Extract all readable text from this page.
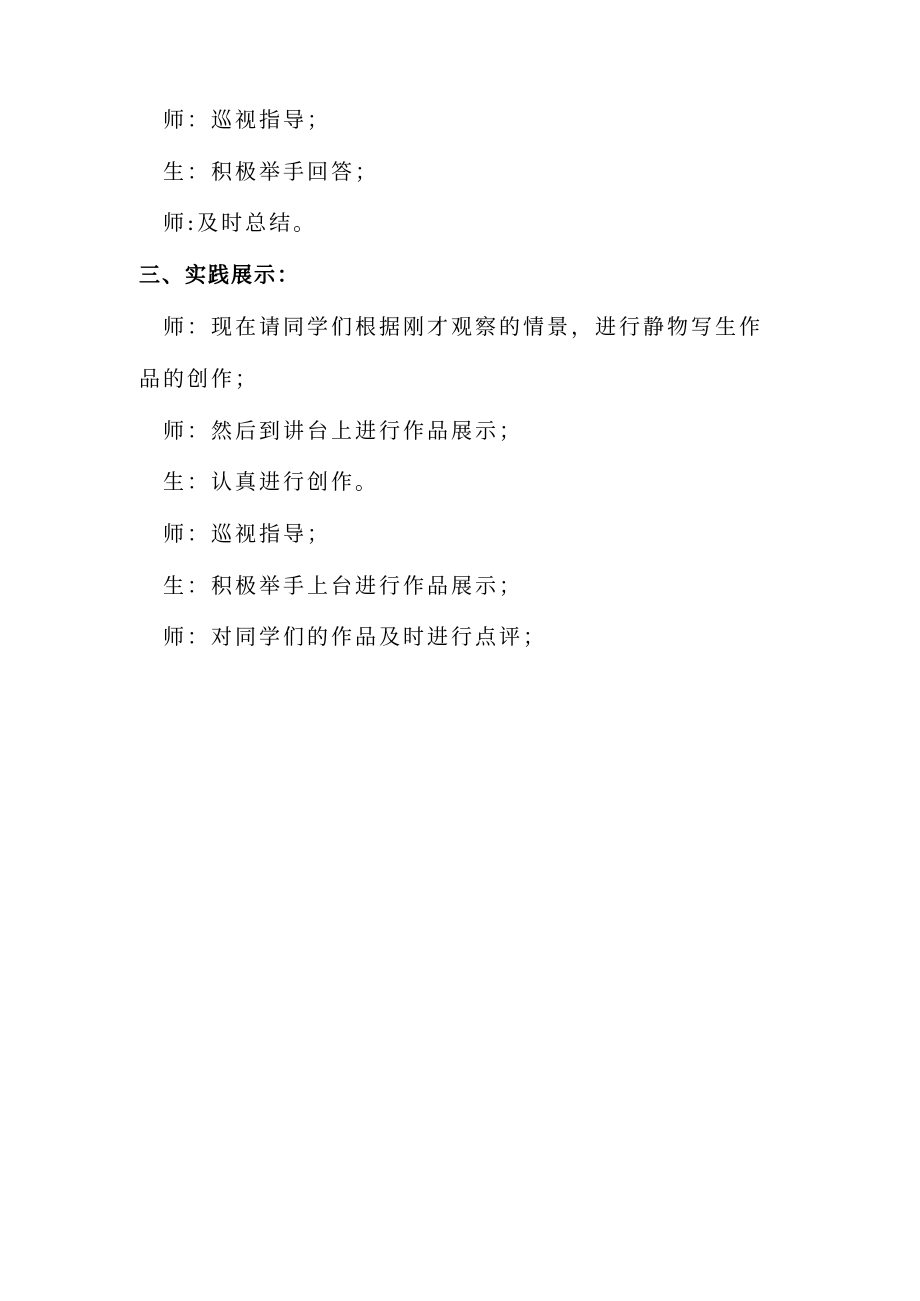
师：巡视指导；
生：积极举手回答；
师:及时总结。
三、实践展示：
师：现在请同学们根据刚才观察的情景，进行静物写生作
品的创作；
师：然后到讲台上进行作品展示；
生：认真进行创作。
师：巡视指导；
生：积极举手上台进行作品展示；
师：对同学们的作品及时进行点评；
